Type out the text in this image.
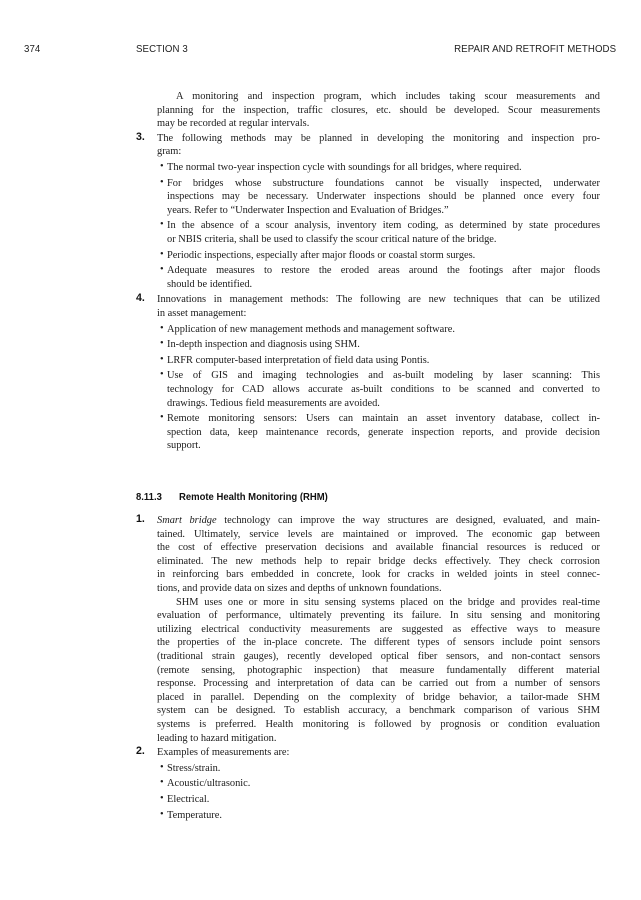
374	SECTION 3	REPAIR AND RETROFIT METHODS
A monitoring and inspection program, which includes taking scour measurements and
planning for the inspection, traffic closures, etc. should be developed. Scour measurements
may be recorded at regular intervals.
3. The following methods may be planned in developing the monitoring and inspection pro-
gram:
• The normal two-year inspection cycle with soundings for all bridges, where required.
• For bridges whose substructure foundations cannot be visually inspected, underwater
inspections may be necessary. Underwater inspections should be planned once every four
years. Refer to “Underwater Inspection and Evaluation of Bridges.”
• In the absence of a scour analysis, inventory item coding, as determined by state procedures
or NBIS criteria, shall be used to classify the scour critical nature of the bridge.
• Periodic inspections, especially after major floods or coastal storm surges.
• Adequate measures to restore the eroded areas around the footings after major floods
should be identified.
4. Innovations in management methods: The following are new techniques that can be utilized
in asset management:
• Application of new management methods and management software.
• In-depth inspection and diagnosis using SHM.
• LRFR computer-based interpretation of field data using Pontis.
• Use of GIS and imaging technologies and as-built modeling by laser scanning: This
technology for CAD allows accurate as-built conditions to be scanned and converted to
drawings. Tedious field measurements are avoided.
• Remote monitoring sensors: Users can maintain an asset inventory database, collect in-
spection data, keep maintenance records, generate inspection reports, and provide decision
support.
1. Smart bridge technology can improve the way structures are designed, evaluated, and main-
tained. Ultimately, service levels are maintained or improved. The economic gap between
the cost of effective preservation decisions and available financial resources is reduced or
eliminated. The new methods help to repair bridge decks effectively. They check corrosion
in reinforcing bars embedded in concrete, look for cracks in welded joints in steel connec-
tions, and provide data on sizes and depths of unknown foundations.
SHM uses one or more in situ sensing systems placed on the bridge and provides real-time
evaluation of performance, ultimately preventing its failure. In situ sensing and monitoring
utilizing electrical conductivity measurements are suggested as effective ways to measure
the properties of the in-place concrete. The different types of sensors include point sensors
(traditional strain gauges), recently developed optical fiber sensors, and non-contact sensors
(remote sensing, photographic inspection) that measure fundamentally different material
response. Processing and interpretation of data can be carried out from a number of sensors
placed in parallel. Depending on the complexity of bridge behavior, a tailor-made SHM
system can be designed. To establish accuracy, a benchmark comparison of various SHM
systems is preferred. Health monitoring is followed by prognosis or condition evaluation
leading to hazard mitigation.
2. Examples of measurements are:
• Stress/strain.
• Acoustic/ultrasonic.
• Electrical.
• Temperature.
8.11.3 Remote Health Monitoring (RHM)
